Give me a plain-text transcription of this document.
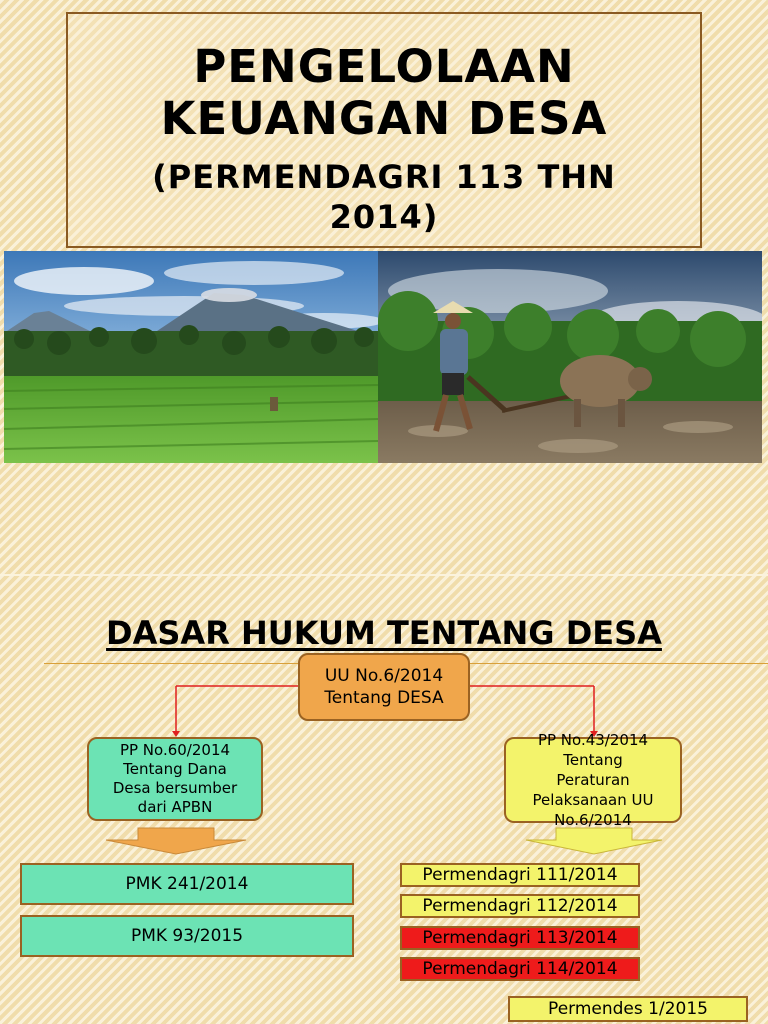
PENGELOLAAN
KEUANGAN DESA
(PERMENDAGRI 113 THN
2014)
DASAR HUKUM TENTANG DESA
UU No.6/2014
Tentang DESA
PP No.60/2014
Tentang Dana
Desa bersumber
dari APBN
PP No.43/2014
Tentang
Peraturan
Pelaksanaan UU
No.6/2014
PMK 241/2014
PMK 93/2015
Permendagri 111/2014
Permendagri 112/2014
Permendagri 113/2014
Permendagri 114/2014
Permendes 1/2015
